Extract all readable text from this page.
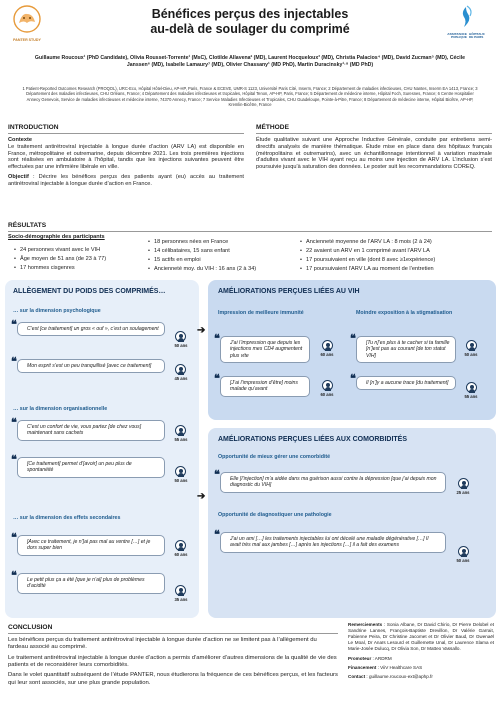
PANTER STUDY
ASSISTANCE
PUBLIQUE
HÔPITAUX
DE PARIS
Bénéfices perçus des injectables
au-delà de soulager du comprimé
Guillaume Roucoux¹ (PhD Candidate), Olivia Rousset-Torrente¹ (MsC), Clotilde Allavena² (MD), Laurent Hocqueloux³ (MD), Christia Palacios⁴ (MD), David Zucman⁵ (MD), Cécile Janssen⁶ (MD), Isabelle Lamaury⁷ (MD), Olivier Chassany¹ (MD PhD), Martin Duracinsky¹·⁸ (MD PhD)
1 Patient-Reported Outcomes Research (PROQOL), URC-Eco, Hôpital Hôtel-Dieu, AP-HP, Paris, France & ECEVE, UMR-S 1123, Université Paris Cité, Inserm, France; 2 Département de maladies infectieuses, CHU Nantes, Inserm EA 1413, France; 3 Département des maladies infectieuses, CHU Orléans, France; 4 Département des maladies infectieuses et tropicales, Hôpital Tenon, AP-HP, Paris, France; 5 Département de médecine interne, Hôpital Foch, Suresnes, France; 6 Centre Hospitalier Annecy Genevois, Service de maladies infectieuses et médecine interne, 74370 Annecy, France; 7 Service Maladies Infectieuses et Tropicales, CHU Guadeloupe, Pointe-à-Pitre, France; 8 Département de médecine interne, Hôpital Bicêtre, AP-HP, Kremlin-Bicêtre, France
INTRODUCTION
Contexte
Le traitement antirétroviral injectable à longue durée d’action (ARV LA) est disponible en France, métropolitaine et outremarine, depuis décembre 2021. Les trois premières injections sont réalisées en ambulatoire à l’hôpital, tandis que les injections suivantes peuvent être effectuées par une infirmière libérale en ville.
Objectif : Décrire les bénéfices perçus des patients ayant (eu) accès au traitement antirétroviral injectable à longue durée d’action en France.
MÉTHODE
Étude qualitative suivant une Approche Inductive Générale, conduite par entretiens semi-directifs analysés de manière thématique. Étude mise en place dans des hôpitaux français (métropolitains et outremarins), avec un échantillonnage intentionnel à variation maximale d’adultes vivant avec le VIH ayant reçu au moins une injection de ARV LA. L’inclusion s’est poursuivie jusqu’à saturation des données. Le poster suit les recommandations COREQ.
RÉSULTATS
Socio-démographie des participants
• 24 personnes vivant avec le VIH
• Âge moyen de 51 ans (de 23 à 77)
• 17 hommes cisgenres
• 18 personnes nées en France
• 14 célibataires, 15 sans enfant
• 15 actifs en emploi
• Ancienneté moy. du VIH : 16 ans (2 à 34)
• Ancienneté moyenne de l’ARV LA : 8 mois (2 à 24)
• 22 avaient un ARV en 1 comprimé avant l’ARV LA
• 17 poursuivaient en ville (dont 8 avec ≥1expérience)
• 17 poursuivaient l’ARV LA au moment de l’entretien
ALLÈGEMENT DU POIDS DES COMPRIMÉS…
… sur la dimension psychologique
❝	C’est [ce traitement] un gros « ouf », c’est un soulagement
50 ans
❝	Mon esprit s’est un peu tranquillisé [avec ce traitement]
45 ans
… sur la dimension organisationnelle
❝	C’est un confort de vie, vous partez [de chez vous] maintenant sans cachets
55 ans
❝	[Ce traitement] permet d’[avoir] un peu plus de spontanéité
50 ans
… sur la dimension des effets secondaires
❝	[Avec ce traitement, je n’]ai pas mal au ventre […] et je dors super bien
60 ans
❝	Le petit plus ça a été [que je n’ai] plus de problèmes d’acidité
35 ans
➔
➔
AMÉLIORATIONS PERÇUES LIÉES AU VIH
Impression de meilleure immunité
❝	J’ai l’impression que depuis les injections mes CD4 augmentent plus vite	60 ans
❝	[J’ai l’impression d’être] moins malade qu’avant
60 ans
Moindre exposition à la stigmatisation
❝	[Tu n]’es plus à te cacher si ta famille [n’]est pas au courant [de ton statut VIH]	50 ans
❝	Il [n’]y a aucune trace [du traitement]
55 ans
AMÉLIORATIONS PERÇUES LIÉES AUX COMORBIDITÉS
Opportunité de mieux gérer une comorbidité
❝	Elle [l’injection] m’a aidée dans ma guérison aussi contre la dépression [que j’ai depuis mon diagnostic du VIH]
25 ans
Opportunité de diagnostiquer une pathologie
❝	J’ai un ami […] les traitements injectables lui ont décelé une maladie dégénérative […] Il avait très mal aux jambes […] après les injections […] il a fait des examens
50 ans
CONCLUSION
Les bénéfices perçus du traitement antirétroviral injectable à longue durée d’action ne se limitent pas à l’allègement du fardeau associé au comprimé.
Le traitement antirétroviral injectable à longue durée d’action a permis d’améliorer d’autres dimensions de la qualité de vie des patients et de reconsidérer leurs comorbidités.
Dans le volet quantitatif subséquent de l’étude PANTER, nous étudierons la fréquence de ces bénéfices perçus, et les facteurs qui leur sont associés, sur une plus grande population.
Remerciements : Sonia Albane, Dr David Chirio, Dr Pierre Delobel et Sandrine Lannes, François-Baptiste Drevillon, Dr Valérie Garrait, Fabienne Peira, Dr Christine Jacomet et Dr Olivier Baud, Dr Gwenaël Le Moal, Dr Anaïs Lesourd et Guillemette Unal, Dr Laurence Slama et Marie-Josée Dulucq, Dr Olivia Son, Dr Matteo Vassallo.
Promoteur : ARDRM
Financement : ViiV Healthcare SAS
Contact : guillaume.roucoux-ext@aphp.fr
